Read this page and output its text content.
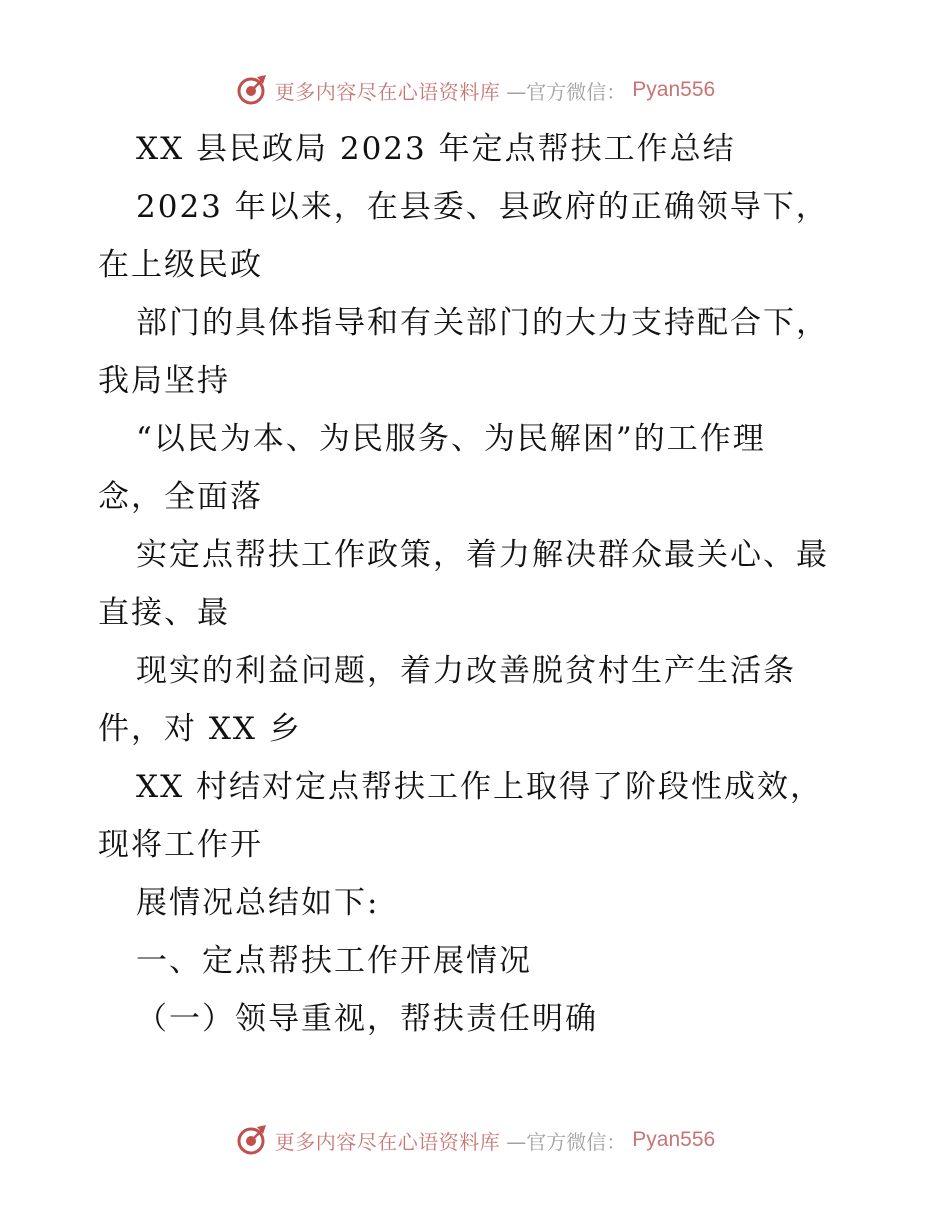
更多内容尽在心语资料库 —官方微信： Pyan556
XX 县民政局 2023 年定点帮扶工作总结
2023 年以来，在县委、县政府的正确领导下，
在上级民政
部门的具体指导和有关部门的大力支持配合下，
我局坚持
“以民为本、为民服务、为民解困”的工作理
念，全面落
实定点帮扶工作政策，着力解决群众最关心、最
直接、最
现实的利益问题，着力改善脱贫村生产生活条
件，对 XX 乡
XX 村结对定点帮扶工作上取得了阶段性成效，
现将工作开
展情况总结如下:
一、定点帮扶工作开展情况
（一）领导重视，帮扶责任明确
更多内容尽在心语资料库 —官方微信： Pyan556
